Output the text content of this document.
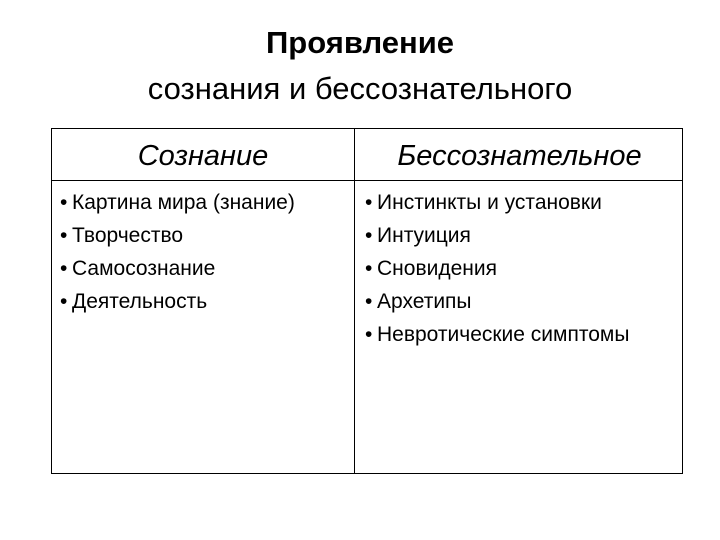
Проявление
сознания и бессознательного
Сознание	Бессознательное
• Картина мира (знание)
• Творчество
• Самосознание
• Деятельность
• Инстинкты и установки
• Интуиция
• Сновидения
• Архетипы
• Невротические симптомы
